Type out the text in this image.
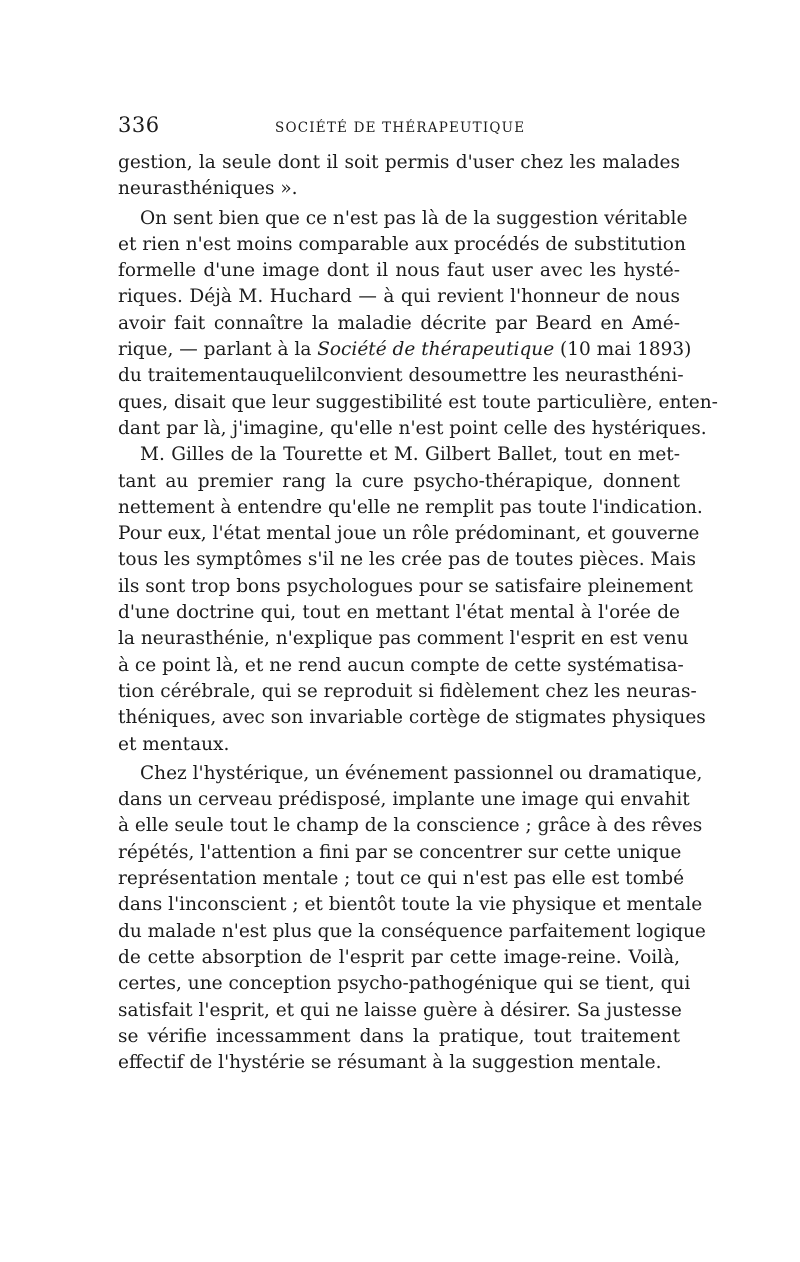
336	SOCIÉTÉ DE THÉRAPEUTIQUE
gestion, la seule dont il soit permis d'user chez les malades
neurasthéniques ».
On sent bien que ce n'est pas là de la suggestion véritable
et rien n'est moins comparable aux procédés de substitution
formelle d'une image dont il nous faut user avec les hysté-
riques. Déjà M. Huchard — à qui revient l'honneur de nous
avoir fait connaître la maladie décrite par Beard en Amé-
rique, — parlant à la Société de thérapeutique (10 mai 1893)
du traitementauquelilconvient desoumettre les neurasthéni-
ques, disait que leur suggestibilité est toute particulière, enten-
dant par là, j'imagine, qu'elle n'est point celle des hystériques.
M. Gilles de la Tourette et M. Gilbert Ballet, tout en met-
tant au premier rang la cure psycho-thérapique, donnent
nettement à entendre qu'elle ne remplit pas toute l'indication.
Pour eux, l'état mental joue un rôle prédominant, et gouverne
tous les symptômes s'il ne les crée pas de toutes pièces. Mais
ils sont trop bons psychologues pour se satisfaire pleinement
d'une doctrine qui, tout en mettant l'état mental à l'orée de
la neurasthénie, n'explique pas comment l'esprit en est venu
à ce point là, et ne rend aucun compte de cette systématisa-
tion cérébrale, qui se reproduit si fidèlement chez les neuras-
théniques, avec son invariable cortège de stigmates physiques
et mentaux.
Chez l'hystérique, un événement passionnel ou dramatique,
dans un cerveau prédisposé, implante une image qui envahit
à elle seule tout le champ de la conscience ; grâce à des rêves
répétés, l'attention a fini par se concentrer sur cette unique
représentation mentale ; tout ce qui n'est pas elle est tombé
dans l'inconscient ; et bientôt toute la vie physique et mentale
du malade n'est plus que la conséquence parfaitement logique
de cette absorption de l'esprit par cette image-reine. Voilà,
certes, une conception psycho-pathogénique qui se tient, qui
satisfait l'esprit, et qui ne laisse guère à désirer. Sa justesse
se vérifie incessamment dans la pratique, tout traitement
effectif de l'hystérie se résumant à la suggestion mentale.
